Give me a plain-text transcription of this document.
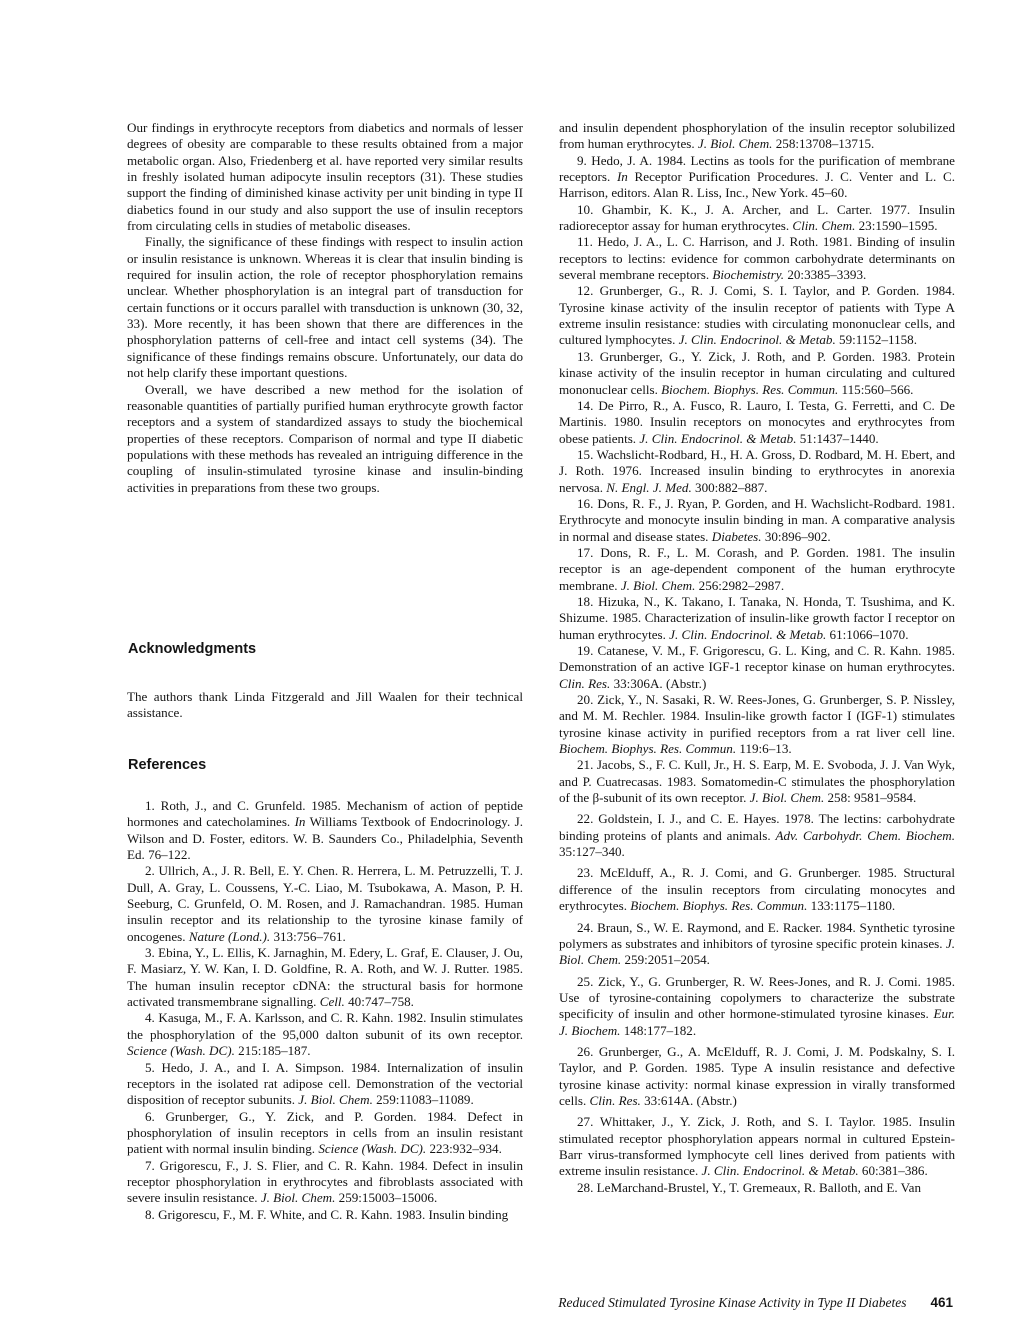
Our findings in erythrocyte receptors from diabetics and normals of lesser degrees of obesity are comparable to these results obtained from a major metabolic organ. Also, Friedenberg et al. have reported very similar results in freshly isolated human adipocyte insulin receptors (31). These studies support the finding of diminished kinase activity per unit binding in type II diabetics found in our study and also support the use of insulin receptors from circulating cells in studies of metabolic diseases.

Finally, the significance of these findings with respect to insulin action or insulin resistance is unknown. Whereas it is clear that insulin binding is required for insulin action, the role of receptor phosphorylation remains unclear. Whether phosphorylation is an integral part of transduction for certain functions or it occurs parallel with transduction is unknown (30, 32, 33). More recently, it has been shown that there are differences in the phosphorylation patterns of cell-free and intact cell systems (34). The significance of these findings remains obscure. Unfortunately, our data do not help clarify these important questions.

Overall, we have described a new method for the isolation of reasonable quantities of partially purified human erythrocyte growth factor receptors and a system of standardized assays to study the biochemical properties of these receptors. Comparison of normal and type II diabetic populations with these methods has revealed an intriguing difference in the coupling of insulin-stimulated tyrosine kinase and insulin-binding activities in preparations from these two groups.

Acknowledgments
The authors thank Linda Fitzgerald and Jill Waalen for their technical assistance.
References

1. Roth, J., and C. Grunfeld. 1985. Mechanism of action of peptide hormones and catecholamines. In Williams Textbook of Endocrinology. J. Wilson and D. Foster, editors. W. B. Saunders Co., Philadelphia, Seventh Ed. 76–122.

2. Ullrich, A., J. R. Bell, E. Y. Chen. R. Herrera, L. M. Petruzzelli, T. J. Dull, A. Gray, L. Coussens, Y.-C. Liao, M. Tsubokawa, A. Mason, P. H. Seeburg, C. Grunfeld, O. M. Rosen, and J. Ramachandran. 1985. Human insulin receptor and its relationship to the tyrosine kinase family of oncogenes. Nature (Lond.). 313:756–761.

3. Ebina, Y., L. Ellis, K. Jarnaghin, M. Edery, L. Graf, E. Clauser, J. Ou, F. Masiarz, Y. W. Kan, I. D. Goldfine, R. A. Roth, and W. J. Rutter. 1985. The human insulin receptor cDNA: the structural basis for hormone activated transmembrane signalling. Cell. 40:747–758.

4. Kasuga, M., F. A. Karlsson, and C. R. Kahn. 1982. Insulin stimulates the phosphorylation of the 95,000 dalton subunit of its own receptor. Science (Wash. DC). 215:185–187.

5. Hedo, J. A., and I. A. Simpson. 1984. Internalization of insulin receptors in the isolated rat adipose cell. Demonstration of the vectorial disposition of receptor subunits. J. Biol. Chem. 259:11083–11089.

6. Grunberger, G., Y. Zick, and P. Gorden. 1984. Defect in phosphorylation of insulin receptors in cells from an insulin resistant patient with normal insulin binding. Science (Wash. DC). 223:932–934.

7. Grigorescu, F., J. S. Flier, and C. R. Kahn. 1984. Defect in insulin receptor phosphorylation in erythrocytes and fibroblasts associated with severe insulin resistance. J. Biol. Chem. 259:15003–15006.

8. Grigorescu, F., M. F. White, and C. R. Kahn. 1983. Insulin binding

and insulin dependent phosphorylation of the insulin receptor solubilized from human erythrocytes. J. Biol. Chem. 258:13708–13715.

9. Hedo, J. A. 1984. Lectins as tools for the purification of membrane receptors. In Receptor Purification Procedures. J. C. Venter and L. C. Harrison, editors. Alan R. Liss, Inc., New York. 45–60.

10. Ghambir, K. K., J. A. Archer, and L. Carter. 1977. Insulin radioreceptor assay for human erythrocytes. Clin. Chem. 23:1590–1595.

11. Hedo, J. A., L. C. Harrison, and J. Roth. 1981. Binding of insulin receptors to lectins: evidence for common carbohydrate determinants on several membrane receptors. Biochemistry. 20:3385–3393.

12. Grunberger, G., R. J. Comi, S. I. Taylor, and P. Gorden. 1984. Tyrosine kinase activity of the insulin receptor of patients with Type A extreme insulin resistance: studies with circulating mononuclear cells, and cultured lymphocytes. J. Clin. Endocrinol. & Metab. 59:1152–1158.

13. Grunberger, G., Y. Zick, J. Roth, and P. Gorden. 1983. Protein kinase activity of the insulin receptor in human circulating and cultured mononuclear cells. Biochem. Biophys. Res. Commun. 115:560–566.

14. De Pirro, R., A. Fusco, R. Lauro, I. Testa, G. Ferretti, and C. De Martinis. 1980. Insulin receptors on monocytes and erythrocytes from obese patients. J. Clin. Endocrinol. & Metab. 51:1437–1440.

15. Wachslicht-Rodbard, H., H. A. Gross, D. Rodbard, M. H. Ebert, and J. Roth. 1976. Increased insulin binding to erythrocytes in anorexia nervosa. N. Engl. J. Med. 300:882–887.

16. Dons, R. F., J. Ryan, P. Gorden, and H. Wachslicht-Rodbard. 1981. Erythrocyte and monocyte insulin binding in man. A comparative analysis in normal and disease states. Diabetes. 30:896–902.

17. Dons, R. F., L. M. Corash, and P. Gorden. 1981. The insulin receptor is an age-dependent component of the human erythrocyte membrane. J. Biol. Chem. 256:2982–2987.

18. Hizuka, N., K. Takano, I. Tanaka, N. Honda, T. Tsushima, and K. Shizume. 1985. Characterization of insulin-like growth factor I receptor on human erythrocytes. J. Clin. Endocrinol. & Metab. 61:1066–1070.

19. Catanese, V. M., F. Grigorescu, G. L. King, and C. R. Kahn. 1985. Demonstration of an active IGF-1 receptor kinase on human erythrocytes. Clin. Res. 33:306A. (Abstr.)

20. Zick, Y., N. Sasaki, R. W. Rees-Jones, G. Grunberger, S. P. Nissley, and M. M. Rechler. 1984. Insulin-like growth factor I (IGF-1) stimulates tyrosine kinase activity in purified receptors from a rat liver cell line. Biochem. Biophys. Res. Commun. 119:6–13.

21. Jacobs, S., F. C. Kull, Jr., H. S. Earp, M. E. Svoboda, J. J. Van Wyk, and P. Cuatrecasas. 1983. Somatomedin-C stimulates the phosphorylation of the β-subunit of its own receptor. J. Biol. Chem. 258: 9581–9584.

22. Goldstein, I. J., and C. E. Hayes. 1978. The lectins: carbohydrate binding proteins of plants and animals. Adv. Carbohydr. Chem. Biochem. 35:127–340.

23. McElduff, A., R. J. Comi, and G. Grunberger. 1985. Structural difference of the insulin receptors from circulating monocytes and erythrocytes. Biochem. Biophys. Res. Commun. 133:1175–1180.

24. Braun, S., W. E. Raymond, and E. Racker. 1984. Synthetic tyrosine polymers as substrates and inhibitors of tyrosine specific protein kinases. J. Biol. Chem. 259:2051–2054.

25. Zick, Y., G. Grunberger, R. W. Rees-Jones, and R. J. Comi. 1985. Use of tyrosine-containing copolymers to characterize the substrate specificity of insulin and other hormone-stimulated tyrosine kinases. Eur. J. Biochem. 148:177–182.

26. Grunberger, G., A. McElduff, R. J. Comi, J. M. Podskalny, S. I. Taylor, and P. Gorden. 1985. Type A insulin resistance and defective tyrosine kinase activity: normal kinase expression in virally transformed cells. Clin. Res. 33:614A. (Abstr.)

27. Whittaker, J., Y. Zick, J. Roth, and S. I. Taylor. 1985. Insulin stimulated receptor phosphorylation appears normal in cultured Epstein-Barr virus-transformed lymphocyte cell lines derived from patients with extreme insulin resistance. J. Clin. Endocrinol. & Metab. 60:381–386.

28. LeMarchand-Brustel, Y., T. Gremeaux, R. Balloth, and E. Van

Reduced Stimulated Tyrosine Kinase Activity in Type II Diabetes 461
